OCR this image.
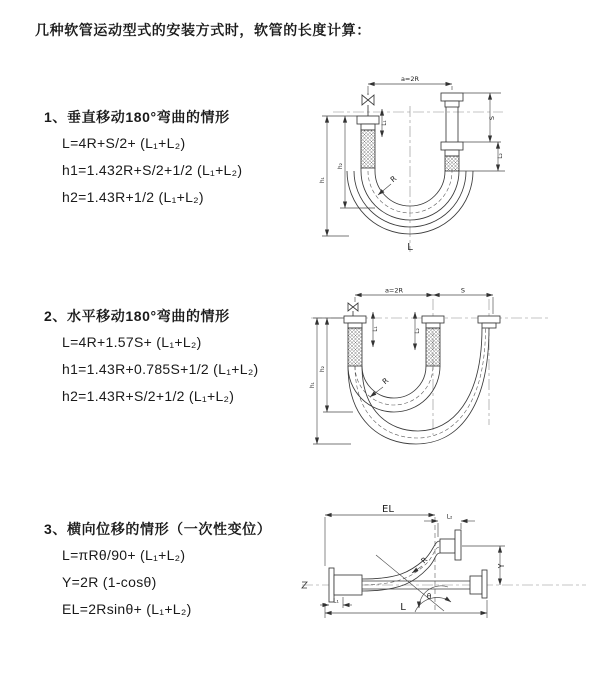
几种软管运动型式的安装方式时，软管的长度计算：
1、垂直移动180°弯曲的情形
L=4R+S/2+ (L₁+L₂)
h1=1.432R+S/2+1/2 (L₁+L₂)
h2=1.43R+1/2 (L₁+L₂)
2、水平移动180°弯曲的情形
L=4R+1.57S+ (L₁+L₂)
h1=1.43R+0.785S+1/2 (L₁+L₂)
h2=1.43R+S/2+1/2 (L₁+L₂)
3、横向位移的情形（一次性变位）
L=πRθ/90+ (L₁+L₂)
Y=2R (1-cosθ)
EL=2Rsinθ+ (L₁+L₂)
a=2R
L₁
S
L₂
h₁
h₂
R
L
a=2R	S
h₁
h₂
L₁	L₂
R
EL
L₂
L₁
Y
R
θ
L
